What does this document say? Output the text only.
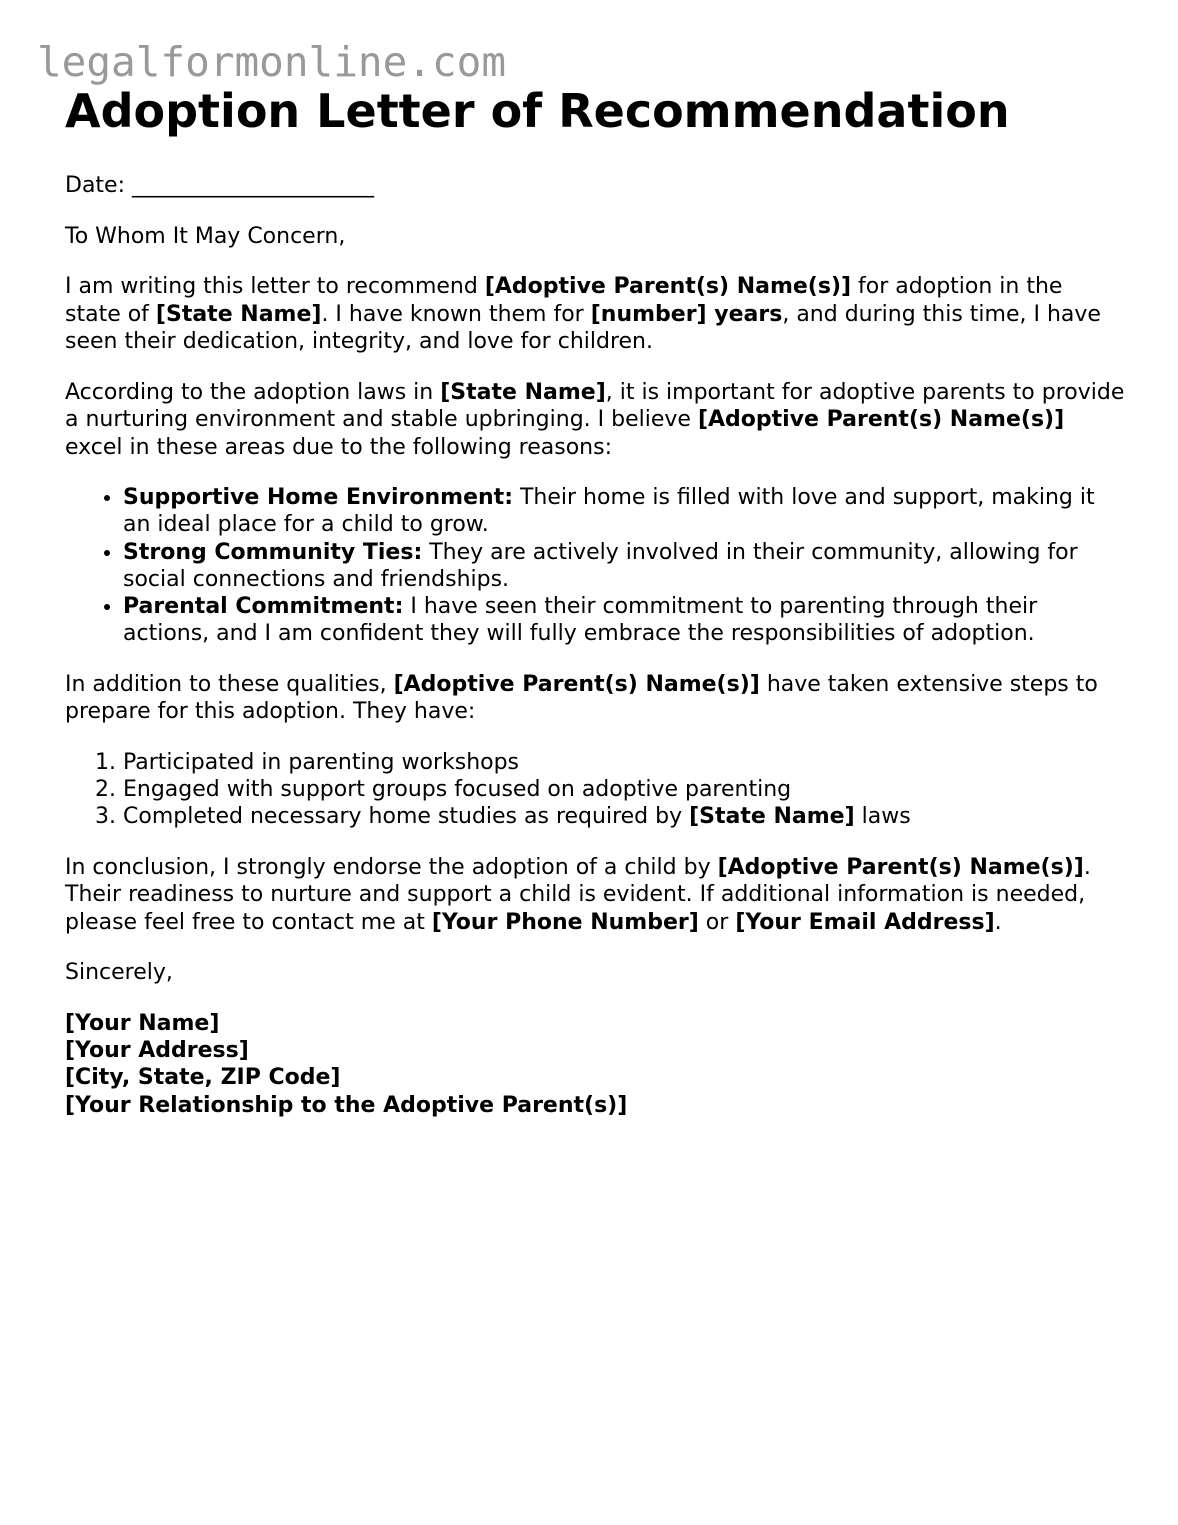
legalformonline.com
Adoption Letter of Recommendation

Date: ______________________

To Whom It May Concern,

I am writing this letter to recommend [Adoptive Parent(s) Name(s)] for adoption in the state of [State Name]. I have known them for [number] years, and during this time, I have seen their dedication, integrity, and love for children.

According to the adoption laws in [State Name], it is important for adoptive parents to provide a nurturing environment and stable upbringing. I believe [Adoptive Parent(s) Name(s)] excel in these areas due to the following reasons:

• Supportive Home Environment: Their home is filled with love and support, making it an ideal place for a child to grow.
• Strong Community Ties: They are actively involved in their community, allowing for social connections and friendships.
• Parental Commitment: I have seen their commitment to parenting through their actions, and I am confident they will fully embrace the responsibilities of adoption.

In addition to these qualities, [Adoptive Parent(s) Name(s)] have taken extensive steps to prepare for this adoption. They have:

1. Participated in parenting workshops
2. Engaged with support groups focused on adoptive parenting
3. Completed necessary home studies as required by [State Name] laws

In conclusion, I strongly endorse the adoption of a child by [Adoptive Parent(s) Name(s)]. Their readiness to nurture and support a child is evident. If additional information is needed, please feel free to contact me at [Your Phone Number] or [Your Email Address].

Sincerely,

[Your Name]
[Your Address]
[City, State, ZIP Code]
[Your Relationship to the Adoptive Parent(s)]
